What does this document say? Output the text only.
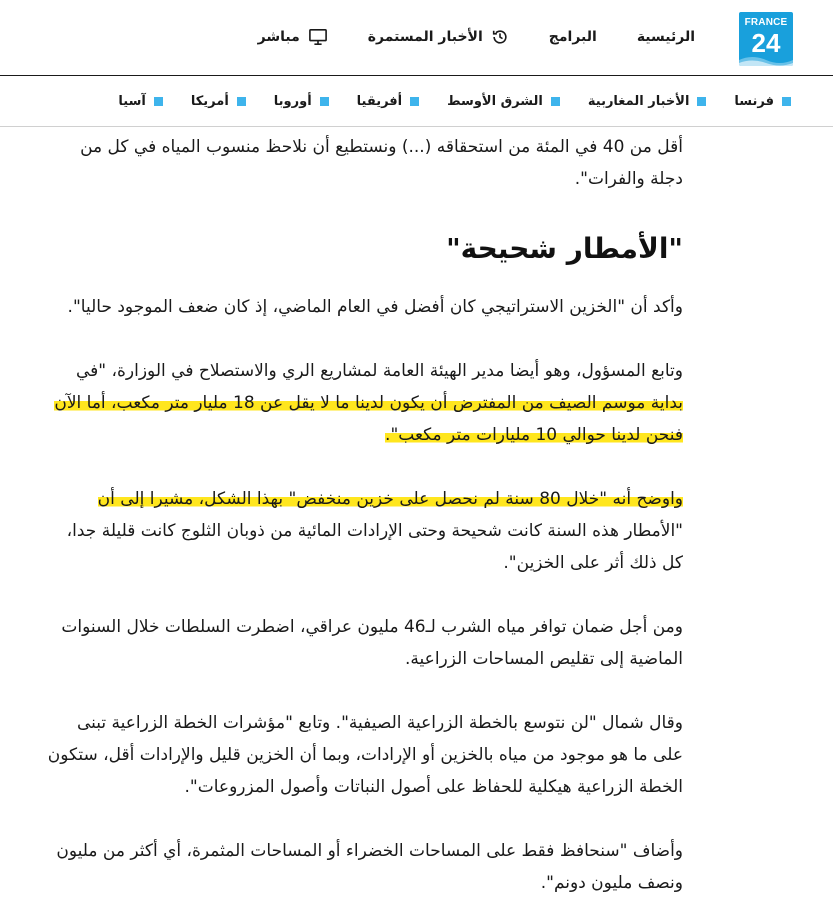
FRANCE
24
الرئيسية
البرامج
الأخبار المستمرة
مباشر
فرنسا
الأخبار المغاربية
الشرق الأوسط
أفريقيا
أوروبا
أمريكا
آسيا

أقل من 40 في المئة من استحقاقه (...) ونستطيع أن نلاحظ منسوب المياه في كل من دجلة والفرات".

"الأمطار شحيحة"

وأكد أن "الخزين الاستراتيجي كان أفضل في العام الماضي، إذ كان ضعف الموجود حاليا".

وتابع المسؤول، وهو أيضا مدير الهيئة العامة لمشاريع الري والاستصلاح في الوزارة، "في بداية موسم الصيف من المفترض أن يكون لدينا ما لا يقل عن 18 مليار متر مكعب، أما الآن فنحن لدينا حوالي 10 مليارات متر مكعب".

واوضح أنه "خلال 80 سنة لم نحصل على خزين منخفض" بهذا الشكل، مشيرا إلى أن "الأمطار هذه السنة كانت شحيحة وحتى الإرادات المائية من ذوبان الثلوج كانت قليلة جدا، كل ذلك أثر على الخزين".

ومن أجل ضمان توافر مياه الشرب لـ46 مليون عراقي، اضطرت السلطات خلال السنوات الماضية إلى تقليص المساحات الزراعية.

وقال شمال "لن نتوسع بالخطة الزراعية الصيفية". وتابع "مؤشرات الخطة الزراعية تبنى على ما هو موجود من مياه بالخزين أو الإرادات، وبما أن الخزين قليل والإرادات أقل، ستكون الخطة الزراعية هيكلية للحفاظ على أصول النباتات وأصول المزروعات".

وأضاف "سنحافظ فقط على المساحات الخضراء أو المساحات المثمرة، أي أكثر من مليون ونصف مليون دونم".
